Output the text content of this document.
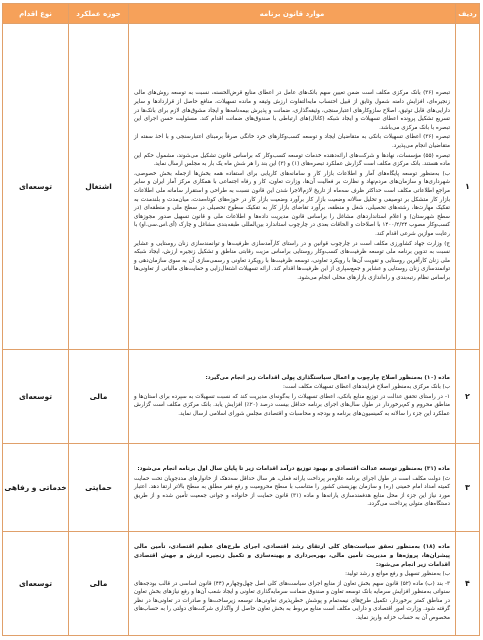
ردیف	موارد قانون برنامه	حوزه عملکرد	نوع اقدام
۱	تبصره (۳۶) بانک مرکزی مکلف است ضمن تعیین سهم بانک‌های عامل در اعطای منابع قرض‌الحسنه، نسبت به توسعه روش‌های مالی زنجیره‌ای، افزایش دامنه شمول وثایق از قبیل احتساب مابه‌التفاوت ارزش وثیقه و مانده تسهیلات، منافع حاصل از قراردادها و سایر دارایی‌های قابل توثیق، اصلاح سازوکارهای اعتبارسنجی، وثیقه‌گذاری، ضمانت و پذیرش بیمه‌نامه‌ها و ایجاد مشوق‌های لازم برای بانک‌ها در تسریع تشکیل پرونده اعطای تسهیلات و ایجاد شبکه (کانال)های ارتباطی با صندوق‌های ضمانت اقدام کند. مسئولیت حسن اجرای این تبصره با بانک مرکزی می‌باشد.

تبصره (۳۶) اعطای تسهیلات بانکی به متقاضیان ایجاد و توسعه کسب‌وکارهای خرد خانگی صرفاً برمبنای اعتبارسنجی و با اخذ سفته از متقاضیان انجام می‌پذیرد.

تبصره (۵۵) مؤسسات، نهادها و شرکت‌های ارائه‌دهنده خدمات توسعه کسب‌وکار که براساس قانون تشکیل می‌شوند، مشمول حکم این ماده هستند. بانک مرکزی مکلف است گزارش عملکرد تبصره‌های (۱) و (۳) این بند را هر شش ماه یک بار به مجلس ارسال نماید.

ب) به‌منظور توسعه پایگاه‌های آمار و اطلاعات بازار کار و سامانه‌های کاریابی برای استفاده همه بخش‌ها ازجمله بخش خصوصی، شهرداری‌ها و سازمان‌های مردم‌نهاد و نظارت بر فعالیت آن‌ها، وزارت تعاون، کار و رفاه اجتماعی با همکاری مرکز آمار ایران و سایر مراجع اطلاعاتی مکلف است حداکثر ظرف سه‌ماه از تاریخ لازم‌الاجرا شدن این قانون نسبت به طراحی و استقرار سامانه ملی اطلاعات بازار کار متشکل بر توصیفی و تحلیل سالانه وضعیت بازار کار برآورد وضعیت بازار کار در حوزه‌های کوتاه‌مدت، میان‌مدت و بلندمدت به تفکیک مهارت‌ها، رشته‌های تحصیلی، شغل و منطقه، برآورد تقاضای بازار کار به تفکیک سطوح تحصیلی در سطح ملی و منطقه‌ای (در سطح شهرستان) و اعلام استانداردهای مشاغل را براساس قانون مدیریت داده‌ها و اطلاعات ملی و قانون تسهیل صدور مجوزهای کسب‌وکار مصوب ۱۴۰۰/۲/۲۴ با اصلاحات و الحاقات بعدی در چارچوب استاندارد بین‌المللی طبقه‌بندی مشاغل و چارک (آی.اس.سی.او) با رعایت موازین شرعی اقدام کند.

ج) وزارت جهاد کشاورزی مکلف است در چارچوب قوانین و در راستای کارآمدسازی ظرفیت‌ها و توانمندسازی زنان روستایی و عشایر نسبت به تدوین برنامه ملی توسعه ظرفیت‌های کسب‌وکار روستایی براساس مزیت رقابتی مناطق و تشکیل زنجیره ارزش، ایجاد شبکه ملی زنان کارآفرین روستایی و تقویت آن‌ها با رویکرد تعاونی، توسعه ظرفیت‌ها با رویکرد تعاونی و رسمی‌سازی آن به سوی سازمان‌دهی و توانمندسازی زنان روستایی و عشایر و جمع‌سپاری از این ظرفیت‌ها اقدام کند. ارائه تسهیلات اشتغال‌زایی و حمایت‌های مالیاتی از تعاونی‌ها براساس نظام رتبه‌بندی و راه‌اندازی بازارهای محلی انجام می‌شود.	اشتغال	توسعه‌ای
۲	ماده (۱۰) به‌منظور اصلاح چارچوب و اعمال سیاستگذاری پولی اقدامات زیر انجام می‌گیرد:

ب) بانک مرکزی به‌منظور اصلاح فرایندهای اعطای تسهیلات مکلف است:

۱- در راستای تحقق عدالت در توزیع منابع بانکی، اعطای تسهیلات را به‌گونه‌ای مدیریت کند که نسبت تسهیلات به سپرده برای استان‌ها و مناطق محروم و کم‌برخوردار در طول سال‌های اجرای برنامه حداقل بیست درصد (۲۰٪) افزایش یابد. بانک مرکزی مکلف است گزارش عملکرد این جزء را سالانه به کمیسیون‌های برنامه و بودجه و محاسبات و اقتصادی مجلس شورای اسلامی ارسال نماید.	مالی	توسعه‌ای
۳	ماده (۳۱) به‌منظور توسعه عدالت اقتصادی و بهبود توزیع درآمد اقدامات زیر تا پایان سال اول برنامه انجام می‌شود:

ث) دولت مکلف است در طول اجرای برنامه علاوه‌بر پرداخت یارانه فعلی، هر سال حداقل سه‌دهک از خانوارهای مددجویان تحت حمایت کمیته امداد امام خمینی (ره) و سازمان بهزیستی کشور را متناسب با سطح محرومیت و رفع فقر مطلق به سطح بالاتر ارتقا دهد. اعتبار مورد نیاز این جزء از محل منابع هدفمندسازی یارانه‌ها و ماده (۳۱) قانون حمایت از خانواده و جوانی جمعیت تأمین شده و از طریق دستگاه‌های متولی پرداخت می‌گردد.	حمایتی	خدماتی و رفاهی
۴	ماده (۱۸) به‌منظور تحقق سیاست‌های کلی ارتقای رشد اقتصادی، اجرای طرح‌های عظیم اقتصادی، تأمین مالی پیشران‌ها، پروژه‌ها و مدیریت تأمین مالی، بهره‌برداری و بهینه‌سازی و تکمیل زنجیره ارزش و جهش اقتصادی اقدامات زیر انجام می‌شود:

ب) به‌منظور تسهیل و رفع موانع و رشد تولید:

۳- بند (ب) ماده (۵۲) قانون سهم بخش تعاون از منابع اجرای سیاست‌های کلی اصل چهل‌وچهارم (۴۴) قانون اساسی در قالب بودجه‌های سنواتی به‌منظور افزایش سرمایه بانک توسعه تعاون و صندوق ضمانت سرمایه‌گذاری تعاونی و ایجاد شعب آن‌ها و رفع نیازهای بخش تعاون در مناطق کمتر برخوردار، تکمیل طرح‌های نیمه‌تمام و پوشش خطرپذیری تعاونی‌ها، توسعه زیرساخت‌ها و صادرات در تعاونی‌ها در نظر گرفته شود. وزارت امور اقتصادی و دارایی مکلف است منابع مربوط به بخش تعاون حاصل از واگذاری شرکت‌های دولتی را به حساب‌های مخصوص آن به حساب خزانه واریز نماید.	مالی	توسعه‌ای
